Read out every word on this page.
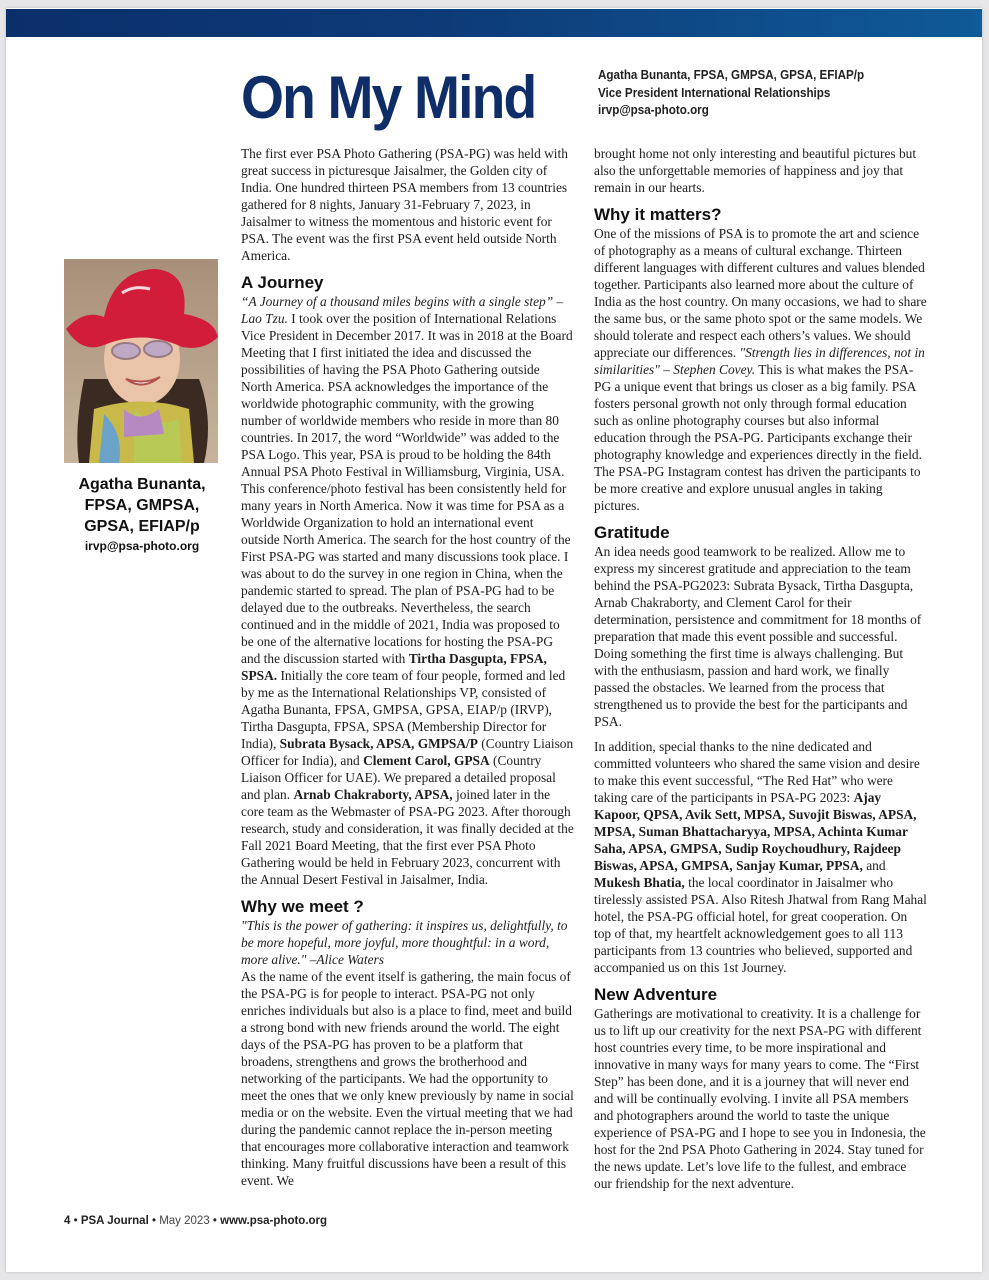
On My Mind	Agatha Bunanta, FPSA, GMPSA, GPSA, EFIAP/p
Vice President International Relationships
irvp@psa-photo.org
Agatha Bunanta,
FPSA, GMPSA,
GPSA, EFIAP/p
irvp@psa-photo.org

The first ever PSA Photo Gathering (PSA-PG) was held with great success in picturesque Jaisalmer, the Golden city of India. One hundred thirteen PSA members from 13 countries gathered for 8 nights, January 31-February 7, 2023, in Jaisalmer to witness the momentous and historic event for PSA. The event was the first PSA event held outside North America.

A Journey

“A Journey of a thousand miles begins with a single step” –Lao Tzu. I took over the position of International Relations Vice President in December 2017. It was in 2018 at the Board Meeting that I first initiated the idea and discussed the possibilities of having the PSA Photo Gathering outside North America. PSA acknowledges the importance of the worldwide photographic community, with the growing number of worldwide members who reside in more than 80 countries. In 2017, the word “Worldwide” was added to the PSA Logo. This year, PSA is proud to be holding the 84th Annual PSA Photo Festival in Williamsburg, Virginia, USA. This conference/photo festival has been consistently held for many years in North America. Now it was time for PSA as a Worldwide Organization to hold an international event outside North America. The search for the host country of the First PSA-PG was started and many discussions took place. I was about to do the survey in one region in China, when the pandemic started to spread. The plan of PSA-PG had to be delayed due to the outbreaks. Nevertheless, the search continued and in the middle of 2021, India was proposed to be one of the alternative locations for hosting the PSA-PG and the discussion started with Tirtha Dasgupta, FPSA, SPSA. Initially the core team of four people, formed and led by me as the International Relationships VP, consisted of Agatha Bunanta, FPSA, GMPSA, GPSA, EIAP/p (IRVP), Tirtha Dasgupta, FPSA, SPSA (Membership Director for India), Subrata Bysack, APSA, GMPSA/P (Country Liaison Officer for India), and Clement Carol, GPSA (Country Liaison Officer for UAE). We prepared a detailed proposal and plan. Arnab Chakraborty, APSA, joined later in the core team as the Webmaster of PSA-PG 2023. After thorough research, study and consideration, it was finally decided at the Fall 2021 Board Meeting, that the first ever PSA Photo Gathering would be held in February 2023, concurrent with the Annual Desert Festival in Jaisalmer, India.

Why we meet ?

"This is the power of gathering: it inspires us, delightfully, to be more hopeful, more joyful, more thoughtful: in a word, more alive." –Alice Waters

As the name of the event itself is gathering, the main focus of the PSA-PG is for people to interact. PSA-PG not only enriches individuals but also is a place to find, meet and build a strong bond with new friends around the world. The eight days of the PSA-PG has proven to be a platform that broadens, strengthens and grows the brotherhood and networking of the participants. We had the opportunity to meet the ones that we only knew previously by name in social media or on the website. Even the virtual meeting that we had during the pandemic cannot replace the in-person meeting that encourages more collaborative interaction and teamwork thinking. Many fruitful discussions have been a result of this event. We

brought home not only interesting and beautiful pictures but also the unforgettable memories of happiness and joy that remain in our hearts.

Why it matters?

One of the missions of PSA is to promote the art and science of photography as a means of cultural exchange. Thirteen different languages with different cultures and values blended together. Participants also learned more about the culture of India as the host country. On many occasions, we had to share the same bus, or the same photo spot or the same models. We should tolerate and respect each others’s values. We should appreciate our differences. "Strength lies in differences, not in similarities" – Stephen Covey. This is what makes the PSA-PG a unique event that brings us closer as a big family. PSA fosters personal growth not only through formal education such as online photography courses but also informal education through the PSA-PG. Participants exchange their photography knowledge and experiences directly in the field. The PSA-PG Instagram contest has driven the participants to be more creative and explore unusual angles in taking pictures.

Gratitude

An idea needs good teamwork to be realized. Allow me to express my sincerest gratitude and appreciation to the team behind the PSA-PG2023: Subrata Bysack, Tirtha Dasgupta, Arnab Chakraborty, and Clement Carol for their determination, persistence and commitment for 18 months of preparation that made this event possible and successful. Doing something the first time is always challenging. But with the enthusiasm, passion and hard work, we finally passed the obstacles. We learned from the process that strengthened us to provide the best for the participants and PSA.

In addition, special thanks to the nine dedicated and committed volunteers who shared the same vision and desire to make this event successful, “The Red Hat” who were taking care of the participants in PSA-PG 2023: Ajay Kapoor, QPSA, Avik Sett, MPSA, Suvojit Biswas, APSA, MPSA, Suman Bhattacharyya, MPSA, Achinta Kumar Saha, APSA, GMPSA, Sudip Roychoudhury, Rajdeep Biswas, APSA, GMPSA, Sanjay Kumar, PPSA, and Mukesh Bhatia, the local coordinator in Jaisalmer who tirelessly assisted PSA. Also Ritesh Jhatwal from Rang Mahal hotel, the PSA-PG official hotel, for great cooperation. On top of that, my heartfelt acknowledgement goes to all 113 participants from 13 countries who believed, supported and accompanied us on this 1st Journey.

New Adventure

Gatherings are motivational to creativity. It is a challenge for us to lift up our creativity for the next PSA-PG with different host countries every time, to be more inspirational and innovative in many ways for many years to come. The “First Step” has been done, and it is a journey that will never end and will be continually evolving. I invite all PSA members and photographers around the world to taste the unique experience of PSA-PG and I hope to see you in Indonesia, the host for the 2nd PSA Photo Gathering in 2024. Stay tuned for the news update. Let’s love life to the fullest, and embrace our friendship for the next adventure.

4 • PSA Journal • May 2023 • www.psa-photo.org
